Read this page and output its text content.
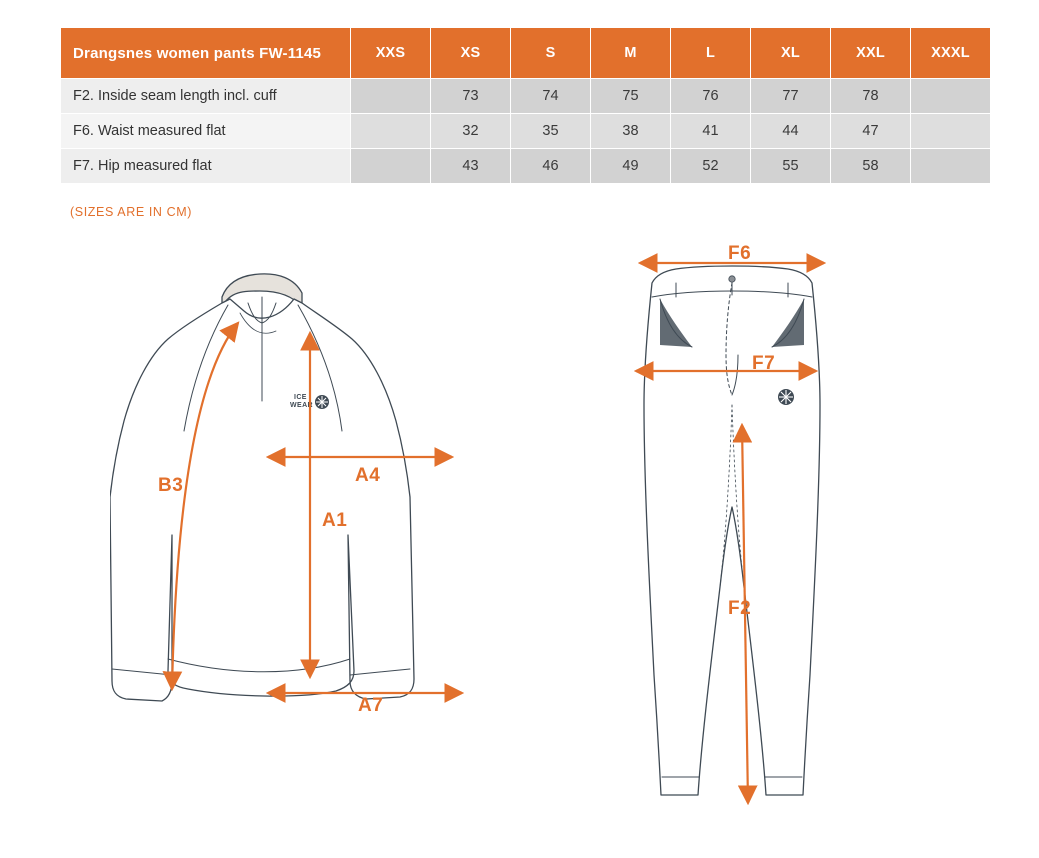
Drangsnes women pants FW-1145	XXS	XS	S	M	L	XL	XXL	XXXL
F2. Inside seam length incl. cuff		73	74	75	76	77	78	
F6. Waist measured flat		32	35	38	41	44	47	
F7. Hip measured flat		43	46	49	52	55	58	
(SIZES ARE IN CM)
ICE
WEAR
B3	A4
A1
A7
F6
F7
F2
